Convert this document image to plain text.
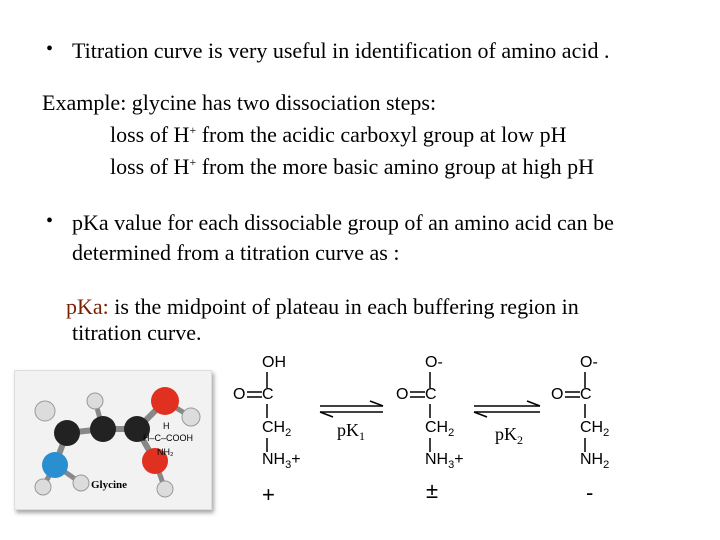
• Titration curve is very useful in identification of amino acid .
Example: glycine has two dissociation steps:
loss of H+ from the acidic carboxyl group at low pH
loss of H+ from the more basic amino group at high pH
• pKa value for each dissociable group of an amino acid can be
determined from a titration curve as :
pKa: is the midpoint of plateau in each buffering region in
titration curve.
H
H–C–COOH
NH₂
Glycine
OH
O C
$CH_2$
$NH_3+$
+
$pK_1$
O-
O C
$CH_2$
$NH_3+$
±
$pK_2$
O-
O C
$CH_2$
$NH_2$
-
